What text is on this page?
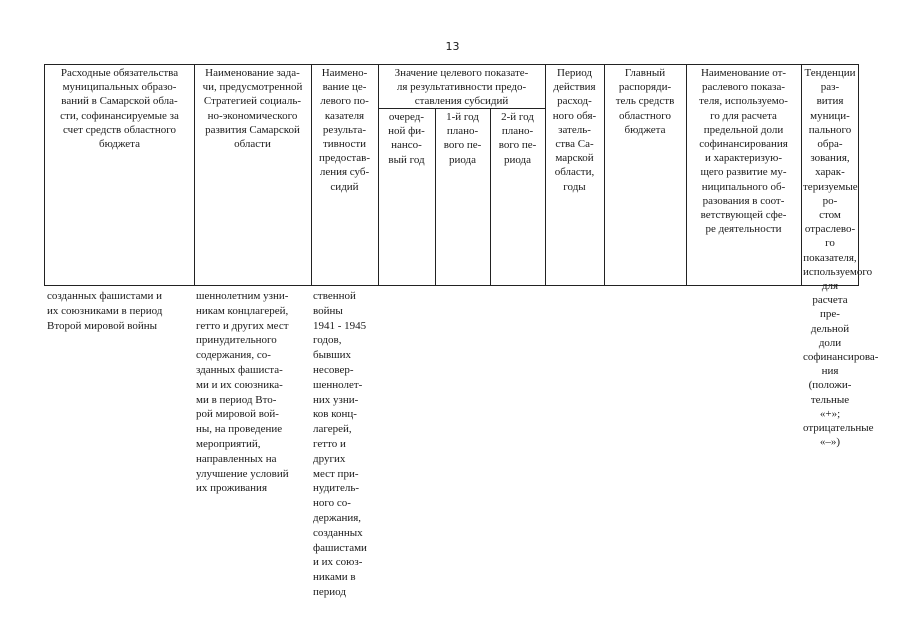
13
Расходные обязательства
муниципальных образо-
ваний в Самарской обла-
сти, софинансируемые за
счет средств областного
бюджета
Наименование зада-
чи, предусмотренной
Стратегией социаль-
но-экономического
развития Самарской
области
Наимено-
вание це-
левого по-
казателя
результа-
тивности
предостав-
ления суб-
сидий
Значение целевого показате-
ля результативности предо-
ставления субсидий
очеред-
ной фи-
нансо-
вый год
1-й год
плано-
вого пе-
риода
2-й год
плано-
вого пе-
риода
Период
действия
расход-
ного обя-
затель-
ства Са-
марской
области,
годы
Главный
распоряди-
тель средств
областного
бюджета
Наименование от-
раслевого показа-
теля, используемо-
го для расчета
предельной доли
софинансирования
и характеризую-
щего развитие му-
ниципального об-
разования в соот-
ветствующей сфе-
ре деятельности
Тенденции раз-
вития муници-
пального обра-
зования, харак-
теризуемые ро-
стом отраслево-
го показателя,
используемого
для расчета пре-
дельной доли
софинансирова-
ния (положи-
тельные «+»;
отрицательные
«–»)
созданных фашистами и
их союзниками в период
Второй мировой войны
шеннолетним узни-
никам концлагерей,
гетто и других мест
принудительного
содержания, со-
зданных фашиста-
ми и их союзника-
ми в период Вто-
рой мировой вой-
ны, на проведение
мероприятий,
направленных на
улучшение условий
их проживания
ственной
войны
1941 - 1945
годов,
бывших
несовер-
шеннолет-
них узни-
ков конц-
лагерей,
гетто и
других
мест при-
нудитель-
ного со-
держания,
созданных
фашистами
и их союз-
никами в
период
